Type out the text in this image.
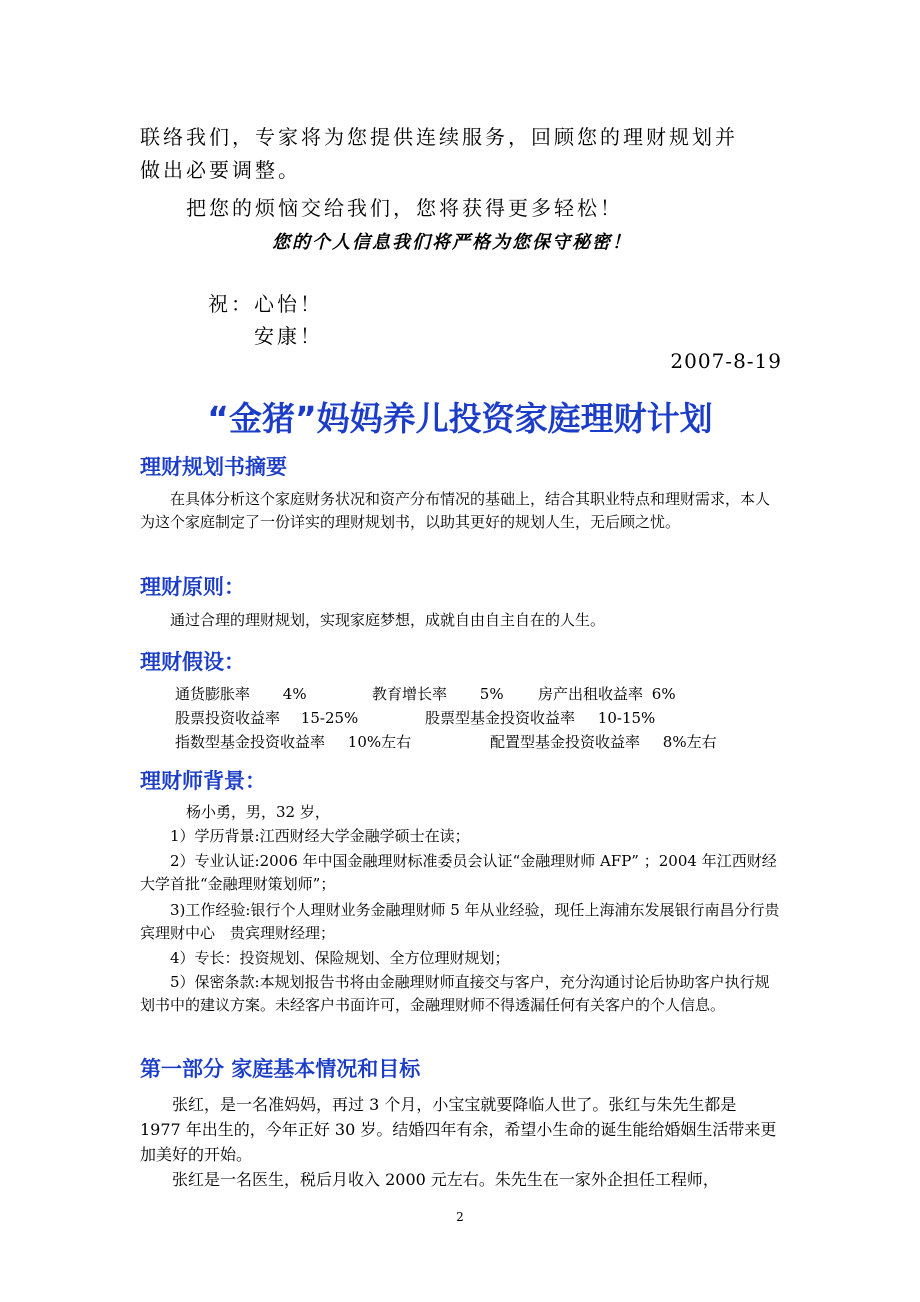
联络我们，专家将为您提供连续服务，回顾您的理财规划并
做出必要调整。
把您的烦恼交给我们，您将获得更多轻松！
您的个人信息我们将严格为您保守秘密！
祝：心怡！
安康！
2007-8-19
“金猪”妈妈养儿投资家庭理财计划
理财规划书摘要
在具体分析这个家庭财务状况和资产分布情况的基础上，结合其职业特点和理财需求，本人为这个家庭制定了一份详实的理财规划书，以助其更好的规划人生，无后顾之忧。
理财原则：
通过合理的理财规划，实现家庭梦想，成就自由自主自在的人生。
理财假设：
通货膨胀率 4%	教育增长率 5% 房产出租收益率 6%
股票投资收益率 15-25%	股票型基金投资收益率 10-15%
指数型基金投资收益率 10%左右	配置型基金投资收益率 8%左右
理财师背景：
杨小勇，男，32 岁，
1）学历背景:江西财经大学金融学硕士在读；
2）专业认证:2006 年中国金融理财标准委员会认证“金融理财师 AFP” ；2004 年江西财经大学首批“金融理财策划师”；
3)工作经验:银行个人理财业务金融理财师 5 年从业经验，现任上海浦东发展银行南昌分行贵宾理财中心　贵宾理财经理；
4）专长：投资规划、保险规划、全方位理财规划；
5）保密条款:本规划报告书将由金融理财师直接交与客户，充分沟通讨论后协助客户执行规划书中的建议方案。未经客户书面许可，金融理财师不得透漏任何有关客户的个人信息。
第一部分 家庭基本情况和目标
张红，是一名准妈妈，再过 3 个月，小宝宝就要降临人世了。张红与朱先生都是 1977 年出生的，今年正好 30 岁。结婚四年有余，希望小生命的诞生能给婚姻生活带来更加美好的开始。
张红是一名医生，税后月收入 2000 元左右。朱先生在一家外企担任工程师，
2
